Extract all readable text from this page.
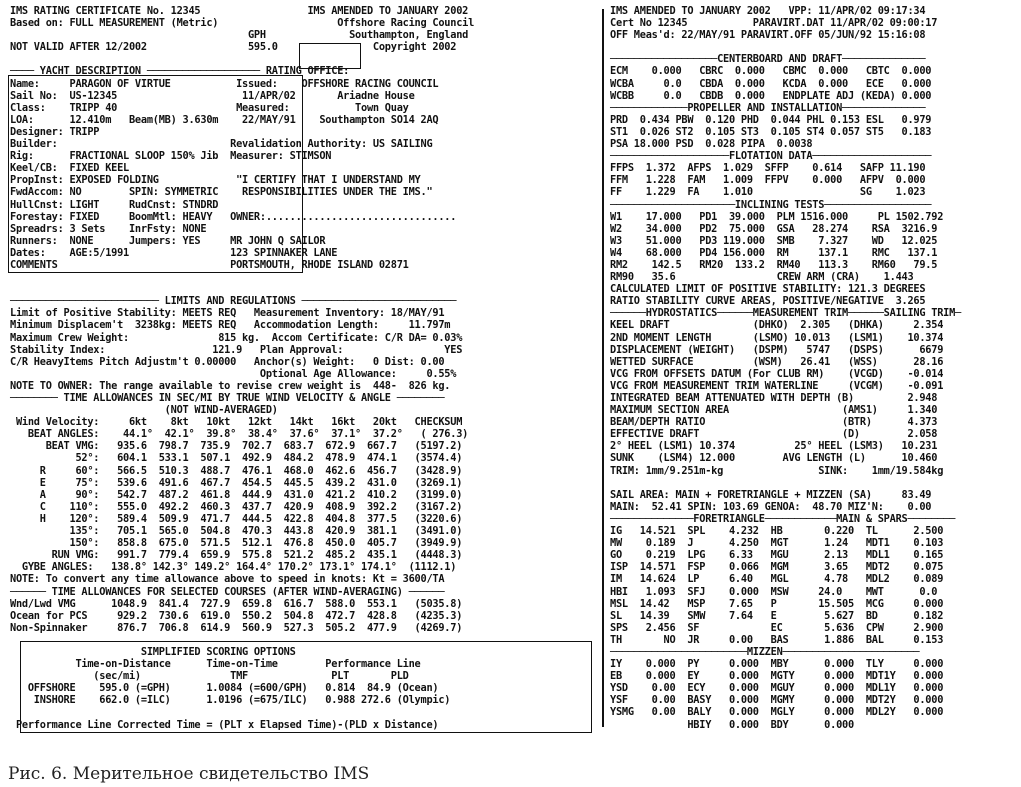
IMS RATING CERTIFICATE No. 12345                  IMS AMENDED TO JANUARY 2002
Based on: FULL MEASUREMENT (Metric)                    Offshore Racing Council
GPH              Southampton, England
NOT VALID AFTER 12/2002                 595.0                Copyright 2002
──── YACHT DESCRIPTION ─────────────────── RATING OFFICE:
Name:     PARAGON OF VIRTUE           Issued:    OFFSHORE RACING COUNCIL
Sail No:  US-12345                     11/APR/02       Ariadne House
Class:    TRIPP 40                    Measured:           Town Quay
LOA:      12.410m   Beam(MB) 3.630m    22/MAY/91    Southampton SO14 2AQ
Designer: TRIPP
Builder:                             Revalidation Authority: US SAILING
Rig:      FRACTIONAL SLOOP 150% Jib  Measurer: STIMSON
Keel/CB:  FIXED KEEL
PropInst: EXPOSED FOLDING             "I CERTIFY THAT I UNDERSTAND MY
FwdAccom: NO        SPIN: SYMMETRIC    RESPONSIBILITIES UNDER THE IMS."
HullCnst: LIGHT     RudCnst: STNDRD
Forestay: FIXED     BoomMtl: HEAVY   OWNER:................................
Spreadrs: 3 Sets    InrFsty: NONE
Runners:  NONE      Jumpers: YES     MR JOHN Q SAILOR
Dates:    AGE:5/1991                 123 SPINNAKER LANE
COMMENTS                             PORTSMOUTH, RHODE ISLAND 02871
───────────────────────── LIMITS AND REGULATIONS ──────────────────────────
Limit of Positive Stability: MEETS REQ   Measurement Inventory: 18/MAY/91
Minimum Displacem't  3238kg: MEETS REQ   Accommodation Length:     11.797m
Maximum Crew Weight:               815 kg.  Accom Certificate: C/R DA= 0.03%
Stability Index:                  121.9   Plan Approval:                 YES
C/R HeavyItems Pitch Adjustm't 0.00000   Anchor(s) Weight:   0 Dist: 0.00
Optional Age Allowance:     0.55%
NOTE TO OWNER: The range available to revise crew weight is  448-  826 kg.
──────── TIME ALLOWANCES IN SEC/MI BY TRUE WIND VELOCITY & ANGLE ────────
(NOT WIND-AVERAGED)
Wind Velocity:     6kt    8kt   10kt   12kt   14kt   16kt   20kt   CHECKSUM
BEAT ANGLES:    44.1°  42.1°  39.8°  38.4°  37.6°  37.1°  37.2°   ( 276.3)
BEAT VMG:   935.6  798.7  735.9  702.7  683.7  672.9  667.7   (5197.2)
52°:   604.1  533.1  507.1  492.9  484.2  478.9  474.1   (3574.4)
R     60°:   566.5  510.3  488.7  476.1  468.0  462.6  456.7   (3428.9)
E     75°:   539.6  491.6  467.7  454.5  445.5  439.2  431.0   (3269.1)
A     90°:   542.7  487.2  461.8  444.9  431.0  421.2  410.2   (3199.0)
C    110°:   555.0  492.2  460.3  437.7  420.9  408.9  392.2   (3167.2)
H    120°:   589.4  509.9  471.7  444.5  422.8  404.8  377.5   (3220.6)
135°:   705.1  565.0  504.8  470.3  443.8  420.9  381.1   (3491.0)
150°:   858.8  675.0  571.5  512.1  476.8  450.0  405.7   (3949.9)
RUN VMG:   991.7  779.4  659.9  575.8  521.2  485.2  435.1   (4448.3)
GYBE ANGLES:   138.8° 142.3° 149.2° 164.4° 170.2° 173.1° 174.1°  (1112.1)
NOTE: To convert any time allowance above to speed in knots: Kt = 3600/TA
────── TIME ALLOWANCES FOR SELECTED COURSES (AFTER WIND-AVERAGING) ──────
Wnd/Lwd VMG      1048.9  841.4  727.9  659.8  616.7  588.0  553.1   (5035.8)
Ocean for PCS     929.2  730.6  619.0  550.2  504.8  472.7  428.8   (4235.3)
Non-Spinnaker     876.7  706.8  614.9  560.9  527.3  505.2  477.9   (4269.7)
SIMPLIFIED SCORING OPTIONS
Time-on-Distance      Time-on-Time        Performance Line
(sec/mi)               TMF              PLT       PLD
OFFSHORE    595.0 (=GPH)      1.0084 (=600/GPH)   0.814  84.9 (Ocean)
INSHORE    662.0 (=ILC)      1.0196 (=675/ILC)   0.988 272.6 (Olympic)
Performance Line Corrected Time = (PLT x Elapsed Time)-(PLD x Distance)
IMS AMENDED TO JANUARY 2002   VPP: 11/APR/02 09:17:34
Cert No 12345           PARAVIRT.DAT 11/APR/02 09:00:17
OFF Meas'd: 22/MAY/91 PARAVIRT.OFF 05/JUN/92 15:16:08
──────────────────CENTERBOARD AND DRAFT──────────────
ECM    0.000   CBRC  0.000   CBMC  0.000   CBTC  0.000
WCBA     0.0   CBDA  0.000   KCDA  0.000   ECE   0.000
WCBB     0.0   CBDB  0.000   ENDPLATE ADJ (KEDA) 0.000
─────────────PROPELLER AND INSTALLATION──────────────
PRD  0.434 PBW  0.120 PHD  0.044 PHL 0.153 ESL   0.979
ST1  0.026 ST2  0.105 ST3  0.105 ST4 0.057 ST5   0.183
PSA 18.000 PSD  0.028 PIPA  0.0038
────────────────────FLOTATION DATA────────────────────
FFPS  1.372  AFPS  1.029  SFFP    0.614   SAFP 11.190
FFM   1.228  FAM   1.009  FFPV    0.000   AFPV  0.000
FF    1.229  FA    1.010                  SG    1.023
─────────────────────INCLINING TESTS──────────────────
W1    17.000   PD1  39.000  PLM 1516.000     PL 1502.792
W2    34.000   PD2  75.000  GSA   28.274    RSA  3216.9
W3    51.000   PD3 119.000  SMB    7.327    WD   12.025
W4    68.000   PD4 156.000  RM     137.1    RMC   137.1
RM2    142.5   RM20  133.2  RM40   113.3    RM60   79.5
RM90   35.6                 CREW ARM (CRA)    1.443
CALCULATED LIMIT OF POSITIVE STABILITY: 121.3 DEGREES
RATIO STABILITY CURVE AREAS, POSITIVE/NEGATIVE  3.265
──────HYDROSTATICS──────MEASUREMENT TRIM──────SAILING TRIM─
KEEL DRAFT              (DHKO)  2.305   (DHKA)     2.354
2ND MOMENT LENGTH       (LSMO) 10.013   (LSM1)    10.374
DISPLACEMENT (WEIGHT)   (DSPM)   5747   (DSPS)      6679
WETTED SURFACE          (WSM)   26.41   (WSS)      28.16
VCG FROM OFFSETS DATUM (For CLUB RM)    (VCGD)    -0.014
VCG FROM MEASUREMENT TRIM WATERLINE     (VCGM)    -0.091
INTEGRATED BEAM ATTENUATED WITH DEPTH (B)         2.948
MAXIMUM SECTION AREA                   (AMS1)     1.340
BEAM/DEPTH RATIO                       (BTR)      4.373
EFFECTIVE DRAFT                        (D)        2.058
2° HEEL (LSM1) 10.374          25° HEEL (LSM3)   10.231
SUNK    (LSM4) 12.000        AVG LENGTH (L)      10.460
TRIM: 1mm/9.251m-kg                SINK:    1mm/19.584kg
SAIL AREA: MAIN + FORETRIANGLE + MIZZEN (SA)     83.49
MAIN:  52.41 SPIN: 103.69 GENOA:  48.70 MIZ'N:    0.00
──────────────FORETRIANGLE────────────MAIN & SPARS────────
IG   14.521  SPL    4.232  HB       0.220  TL      2.500
MW    0.189  J      4.250  MGT      1.24   MDT1    0.103
GO    0.219  LPG    6.33   MGU      2.13   MDL1    0.165
ISP  14.571  FSP    0.066  MGM      3.65   MDT2    0.075
IM   14.624  LP     6.40   MGL      4.78   MDL2    0.089
HBI   1.093  SFJ    0.000  MSW     24.0    MWT      0.0
MSL  14.42   MSP    7.65   P       15.505  MCG     0.000
SL   14.39   SMW    7.64   E        5.627  BD      0.182
SPS   2.456  SF            EC       5.636  CPW     2.900
TH       NO  JR     0.00   BAS      1.886  BAL     0.153
───────────────────────MIZZEN───────────────────────
IY    0.000  PY     0.000  MBY      0.000  TLY     0.000
EB    0.000  EY     0.000  MGTY     0.000  MDT1Y   0.000
YSD    0.00  ECY    0.000  MGUY     0.000  MDL1Y   0.000
YSF    0.00  BASY   0.000  MGMY     0.000  MDT2Y   0.000
YSMG   0.00  BALY   0.000  MGLY     0.000  MDL2Y   0.000
HBIY   0.000  BDY      0.000
Рис. 6. Мерительное свидетельство IMS
